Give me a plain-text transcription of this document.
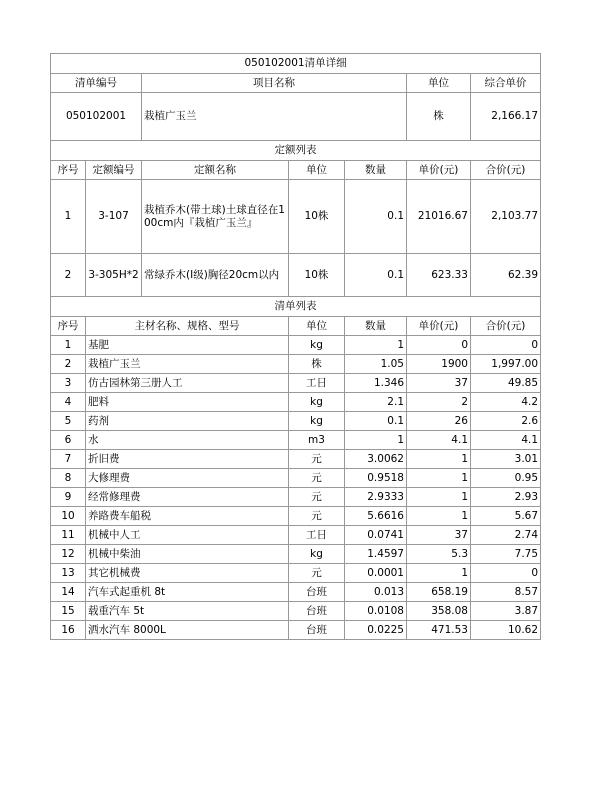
050102001清单详细						
清单编号		项目名称			单位	综合单价
050102001		栽植广玉兰			株	2,166.17
定额列表						
序号	定额编号	定额名称	单位	数量	单价(元)	合价(元)
1	3-107	栽植乔木(带土球)土球直径在100cm内『栽植广玉兰』	10株	0.1	21016.67	2,103.77
2	3-305H*2	常绿乔木(I级)胸径20cm以内	10株	0.1	623.33	62.39
清单列表						
序号	主材名称、规格、型号		单位	数量	单价(元)	合价(元)
1	基肥		kg	1	0	0
2	栽植广玉兰		株	1.05	1900	1,997.00
3	仿古园林第三册人工		工日	1.346	37	49.85
4	肥料		kg	2.1	2	4.2
5	药剂		kg	0.1	26	2.6
6	水		m3	1	4.1	4.1
7	折旧费		元	3.0062	1	3.01
8	大修理费		元	0.9518	1	0.95
9	经常修理费		元	2.9333	1	2.93
10	养路费车船税		元	5.6616	1	5.67
11	机械中人工		工日	0.0741	37	2.74
12	机械中柴油		kg	1.4597	5.3	7.75
13	其它机械费		元	0.0001	1	0
14	汽车式起重机 8t		台班	0.013	658.19	8.57
15	载重汽车 5t		台班	0.0108	358.08	3.87
16	洒水汽车 8000L		台班	0.0225	471.53	10.62
